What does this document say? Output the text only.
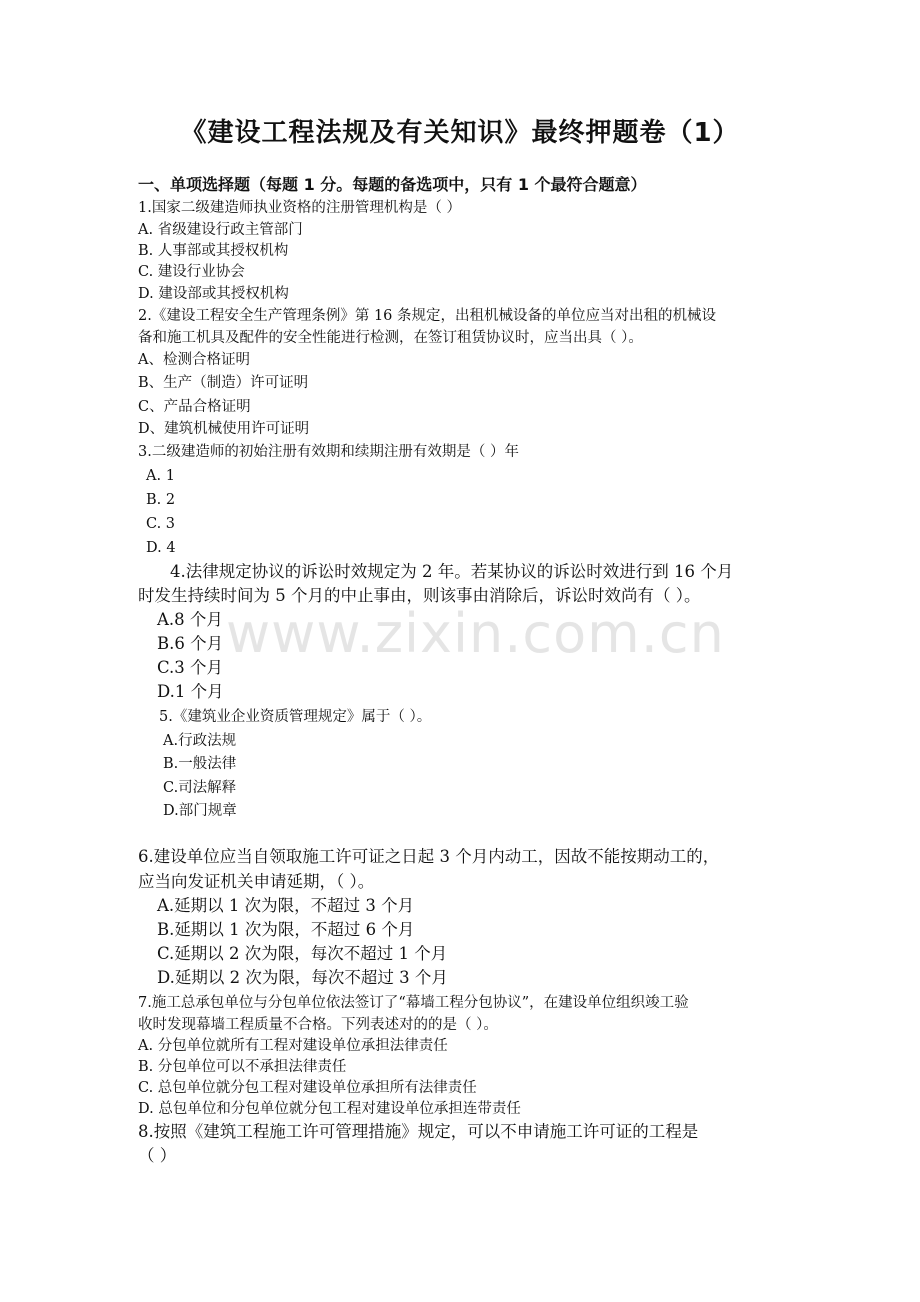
《建设工程法规及有关知识》最终押题卷（1）
一、单项选择题（每题 1 分。每题的备选项中，只有 1 个最符合题意）
1.国家二级建造师执业资格的注册管理机构是（ ）
A. 省级建设行政主管部门
B. 人事部或其授权机构
C. 建设行业协会
D. 建设部或其授权机构
2.《建设工程安全生产管理条例》第 16 条规定，出租机械设备的单位应当对出租的机械设
备和施工机具及配件的安全性能进行检测，在签订租赁协议时，应当出具（ ）。
A、检测合格证明
B、生产（制造）许可证明
C、产品合格证明
D、建筑机械使用许可证明
3.二级建造师的初始注册有效期和续期注册有效期是（ ）年
A. 1
B. 2
C. 3
D. 4
4.法律规定协议的诉讼时效规定为 2 年。若某协议的诉讼时效进行到 16 个月
时发生持续时间为 5 个月的中止事由，则该事由消除后，诉讼时效尚有（ ）。
A.8 个月
B.6 个月
C.3 个月
D.1 个月
5.《建筑业企业资质管理规定》属于（ ）。
A.行政法规
B.一般法律
C.司法解释
D.部门规章
6.建设单位应当自领取施工许可证之日起 3 个月内动工，因故不能按期动工的，
应当向发证机关申请延期，（ ）。
A.延期以 1 次为限，不超过 3 个月
B.延期以 1 次为限，不超过 6 个月
C.延期以 2 次为限，每次不超过 1 个月
D.延期以 2 次为限，每次不超过 3 个月
7.施工总承包单位与分包单位依法签订了“幕墙工程分包协议”，在建设单位组织竣工验
收时发现幕墙工程质量不合格。下列表述对的的是（ ）。
A. 分包单位就所有工程对建设单位承担法律责任
B. 分包单位可以不承担法律责任
C. 总包单位就分包工程对建设单位承担所有法律责任
D. 总包单位和分包单位就分包工程对建设单位承担连带责任
8.按照《建筑工程施工许可管理措施》规定，可以不申请施工许可证的工程是
（ ）
www.zixin.com.cn
